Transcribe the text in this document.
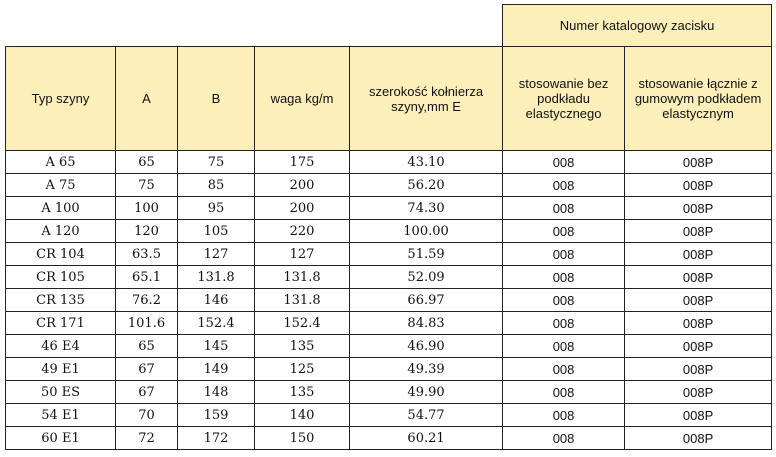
					Numer katalogowy zacisku	
Typ szyny	A	B	waga kg/m	szerokość kołnierza szyny,mm E	stosowanie bez podkładu elastycznego	stosowanie łącznie z gumowym podkładem elastycznym
A 65	65	75	175	43.10	008	008P
A 75	75	85	200	56.20	008	008P
A 100	100	95	200	74.30	008	008P
A 120	120	105	220	100.00	008	008P
CR 104	63.5	127	127	51.59	008	008P
CR 105	65.1	131.8	131.8	52.09	008	008P
CR 135	76.2	146	131.8	66.97	008	008P
CR 171	101.6	152.4	152.4	84.83	008	008P
46 E4	65	145	135	46.90	008	008P
49 E1	67	149	125	49.39	008	008P
50 ES	67	148	135	49.90	008	008P
54 E1	70	159	140	54.77	008	008P
60 E1	72	172	150	60.21	008	008P
